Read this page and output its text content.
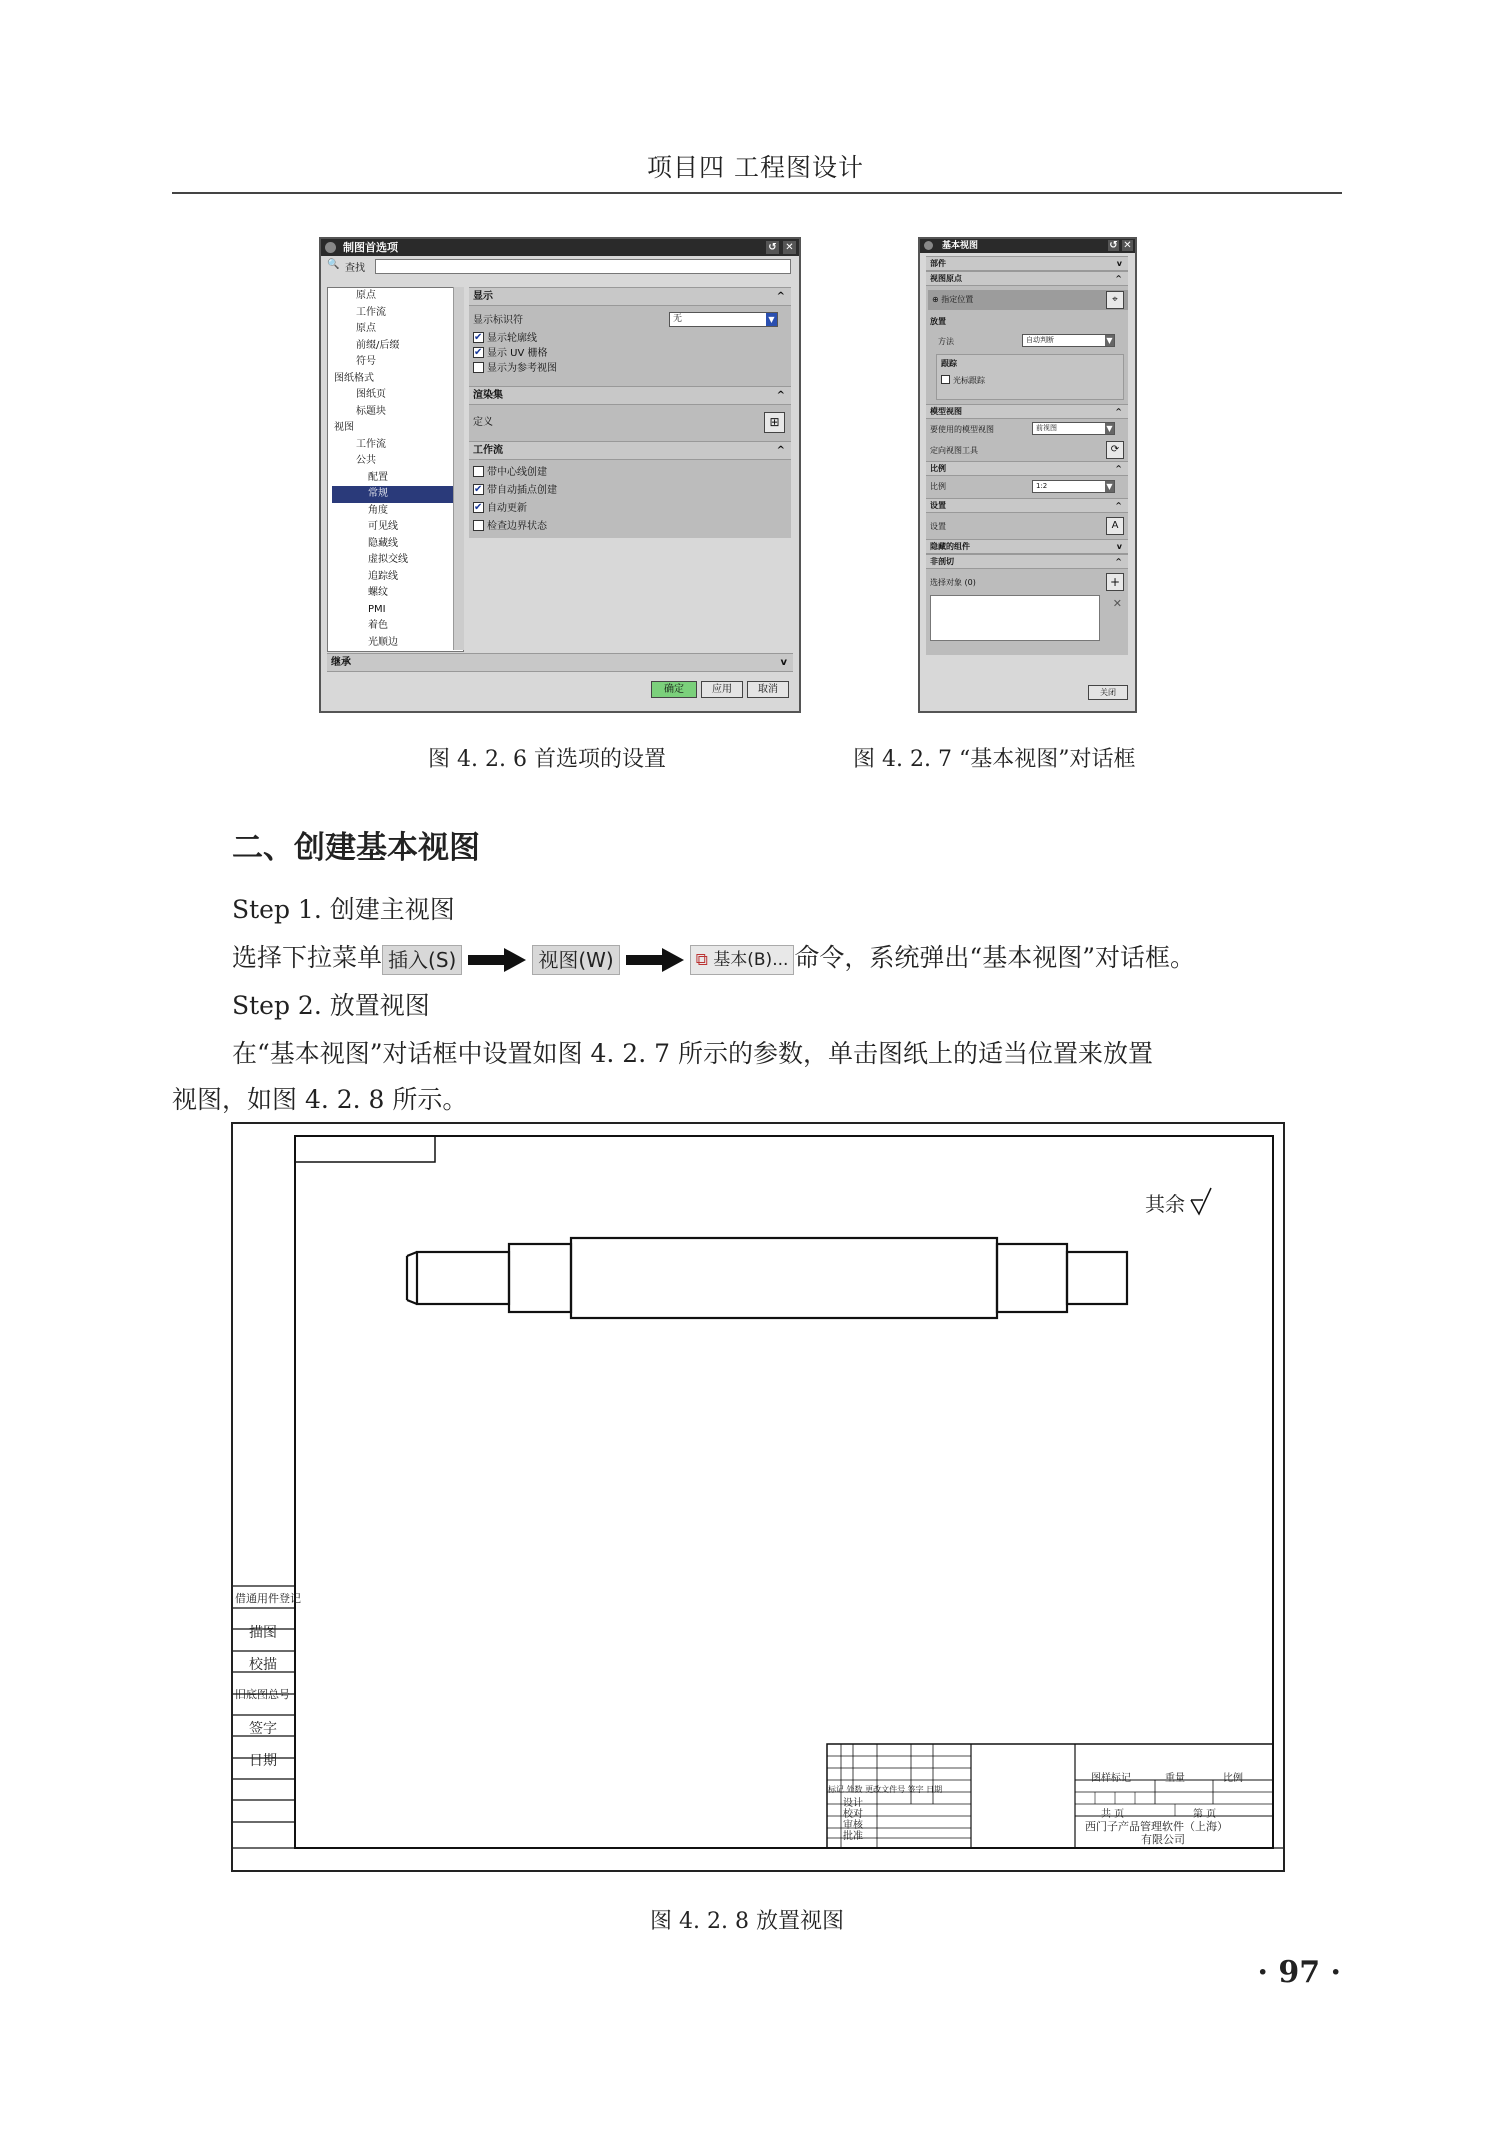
项目四 工程图设计
制图首选项	↺ ✕
🔍 查找
原点
工作流
原点
前缀/后缀
符号
图纸格式
图纸页
标题块
视图
工作流
公共
配置
常规
角度
可见线
隐藏线
虚拟交线
追踪线
螺纹
PMI
着色
光顺边
显示	^
显示标识符	无	▼
✔显示轮廓线
✔显示 UV 栅格
显示为参考视图
渲染集	^
定义	⊞
工作流	^
带中心线创建
✔带自动插点创建
✔自动更新
检查边界状态
继承	v
确定	应用	取消
基本视图	↺ ✕
部件	v
视图原点	^
⊕ 指定位置	⌖
放置
方法	自动判断	▼
跟踪
光标跟踪
模型视图	^
要使用的模型视图	前视图	▼
定向视图工具	⟳
比例	^
比例	1:2	▼
设置	^
设置	A
隐藏的组件	v
非剖切	^
选择对象 (0)	+
✕
关闭
图 4. 2. 6 首选项的设置	图 4. 2. 7 “基本视图”对话框
二、创建基本视图
Step 1. 创建主视图
选择下拉菜单 插入(S)	视图(W)	⧉ 基本(B)... 命令，系统弹出“基本视图”对话框。
Step 2. 放置视图
在“基本视图”对话框中设置如图 4. 2. 7 所示的参数，单击图纸上的适当位置来放置
视图，如图 4. 2. 8 所示。
其余
借通用件登记
描图
校描
旧底图总号
签字
日期
标记 处数 更改文件号 签字 日期
设计
校对
审核
批准
图样标记	重量	比例
共 页	第 页
西门子产品管理软件（上海）
有限公司
图 4. 2. 8 放置视图
· 97 ·
